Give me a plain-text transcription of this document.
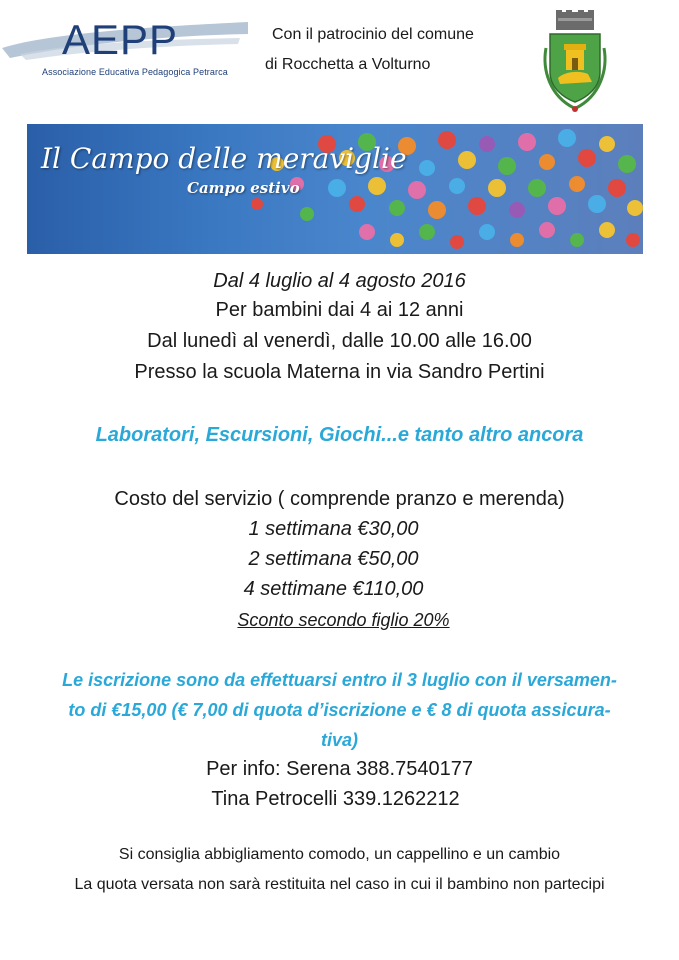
AEPP
Associazione Educativa Pedagogica Petrarca
Con il patrocinio del comune
di Rocchetta a Volturno
Il Campo delle meraviglie
Campo estivo
Dal 4 luglio al 4 agosto 2016
Per bambini dai 4 ai 12 anni
Dal lunedì al venerdì, dalle 10.00 alle 16.00
Presso la scuola Materna in via Sandro Pertini
Laboratori, Escursioni, Giochi...e tanto altro ancora
Costo del servizio ( comprende pranzo e merenda)
1 settimana €30,00
2 settimana €50,00
4 settimane €110,00
Sconto secondo figlio 20%
Le iscrizione sono da effettuarsi entro il 3 luglio con il versamen-
to di €15,00 (€ 7,00 di quota d’iscrizione e € 8 di quota assicura-
tiva)
Per info: Serena 388.7540177
Tina Petrocelli 339.1262212
Si consiglia abbigliamento comodo, un cappellino e un cambio
La quota versata non sarà restituita nel caso in cui il bambino non partecipi
